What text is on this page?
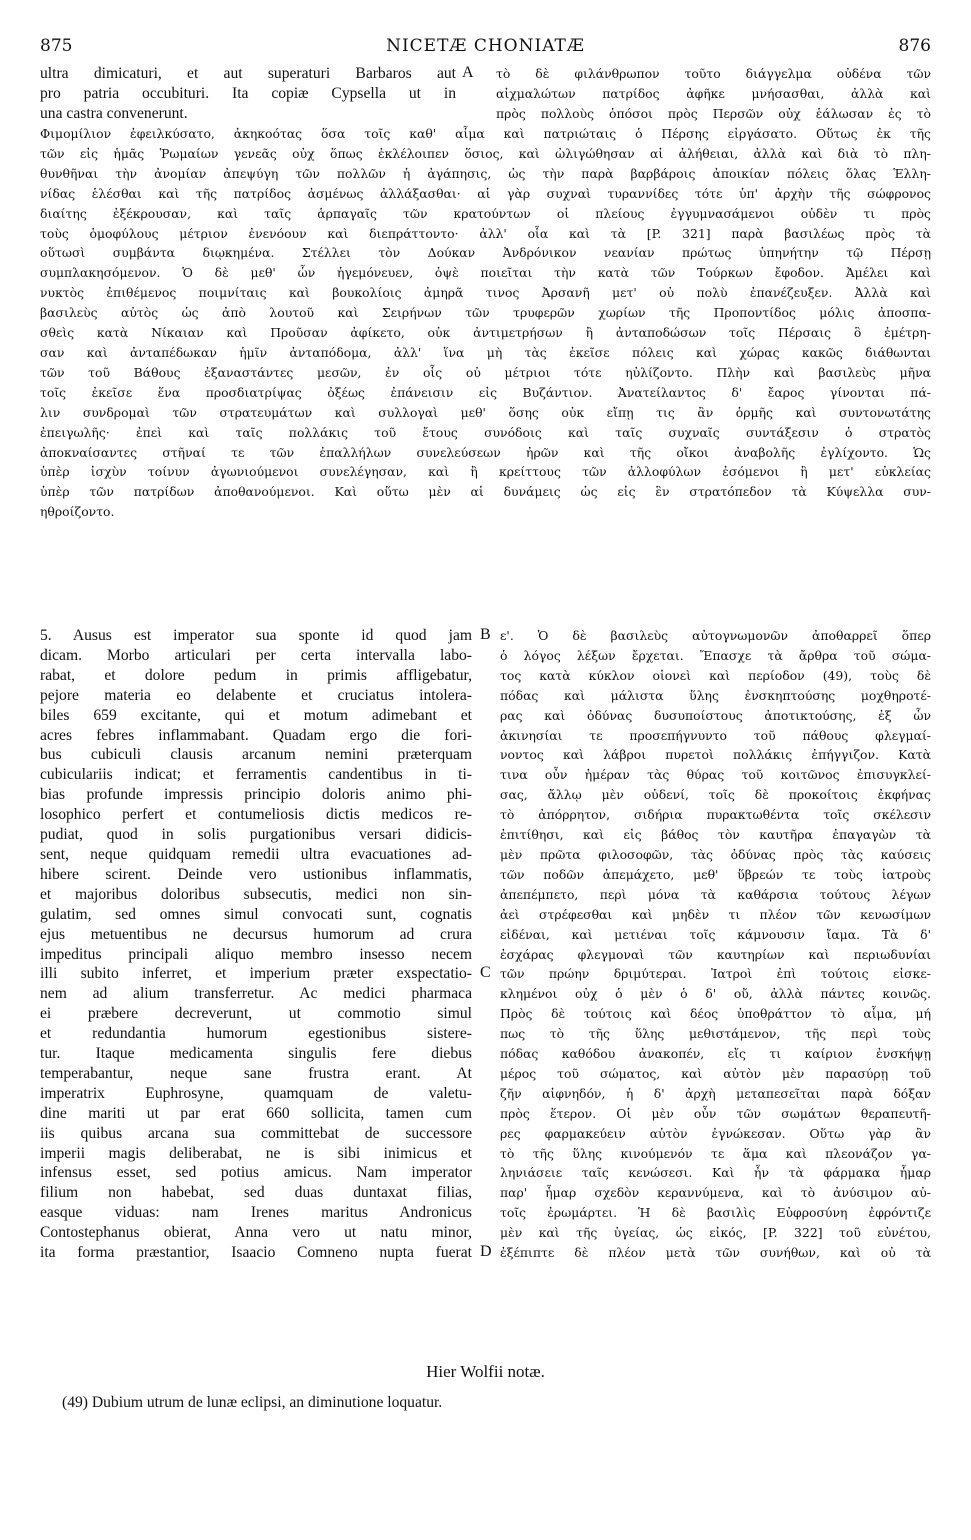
875	NICETÆ CHONIATÆ	876
ultra dimicaturi, et aut superaturi Barbaros aut
pro patria occubituri. Ita copiæ Cypsella ut in
una castra convenerunt.
τὸ δὲ φιλάνθρωπον τοῦτο διάγγελμα οὐδένα τῶν
αἰχμαλώτων πατρίδος ἀφῆκε μνήσασθαι, ἀλλὰ καὶ
πρὸς πολλοὺς ὁπόσοι πρὸς Περσῶν οὐχ ἑάλωσαν ἐς τὸ
Φιμομίλιον ἐφειλκύσατο, ἀκηκοότας ὅσα τοῖς καθ' αἷμα καὶ πατριώταις ὁ Πέρσης εἰργάσατο. Οὕτως ἐκ τῆς
τῶν εἰς ἡμᾶς Ῥωμαίων γενεᾶς οὐχ ὅπως ἐκλέλοιπεν ὅσιος, καὶ ὠλιγώθησαν αἱ ἀλήθειαι, ἀλλὰ καὶ διὰ τὸ πλη-
θυνθῆναι τὴν ἀνομίαν ἀπεψύγη τῶν πολλῶν ἡ ἀγάπησις, ὡς τὴν παρὰ βαρβάροις ἀποικίαν πόλεις ὅλας Ἑλλη-
νίδας ἑλέσθαι καὶ τῆς πατρίδος ἀσμένως ἀλλάξασθαι· αἱ γὰρ συχναὶ τυραννίδες τότε ὑπ' ἀρχὴν τῆς σώφρονος
διαίτης ἐξέκρουσαν, καὶ ταῖς ἁρπαγαῖς τῶν κρατούντων οἱ πλείους ἐγγυμνασάμενοι οὐδὲν τι πρὸς
τοὺς ὁμοφύλους μέτριον ἐνενόουν καὶ διεπράττοντο· ἀλλ' οἷα καὶ τὰ [P. 321] παρὰ βασιλέως πρὸς τὰ
οὕτωσὶ συμβάντα διῳκημένα. Στέλλει τὸν Δούκαν Ἀνδρόνικον νεανίαν πρώτως ὑπηνήτην τῷ Πέρσῃ
συμπλακησόμενον. Ὁ δὲ μεθ' ὧν ἡγεμόνευεν, ὀψὲ ποιεῖται τὴν κατὰ τῶν Τούρκων ἔφοδον. Ἀμέλει καὶ
νυκτὸς ἐπιθέμενος ποιμνίταις καὶ βουκολίοις ἀμηρᾶ τινος Ἀρσανῆ μετ' οὐ πολὺ ἐπανέζευξεν. Ἀλλὰ καὶ
βασιλεὺς αὐτὸς ὡς ἀπὸ λουτοῦ καὶ Σειρήνων τῶν τρυφερῶν χωρίων τῆς Προποντίδος μόλις ἀποσπα-
σθεὶς κατὰ Νίκαιαν καὶ Προῦσαν ἀφίκετο, οὐκ ἀντιμετρήσων ἢ ἀνταποδώσων τοῖς Πέρσαις ὃ ἐμέτρη-
σαν καὶ ἀνταπέδωκαν ἡμῖν ἀνταπόδομα, ἀλλ' ἵνα μὴ τὰς ἐκεῖσε πόλεις καὶ χώρας κακῶς διάθωνται
τῶν τοῦ Βάθους ἐξαναστάντες μεσῶν, ἐν οἷς οὐ μέτριοι τότε ηὐλίζοντο. Πλὴν καὶ βασιλεὺς μῆνα
τοῖς ἐκεῖσε ἕνα προσδιατρίψας ὀξέως ἐπάνεισιν εἰς Βυζάντιον. Ἀνατείλαντος δ' ἔαρος γίνονται πά-
λιν συνδρομαὶ τῶν στρατευμάτων καὶ συλλογαὶ μεθ' ὅσης οὐκ εἴπῃ τις ἂν ὁρμῆς καὶ συντονωτάτης
ἐπειγωλῆς· ἐπεὶ καὶ ταῖς πολλάκις τοῦ ἔτους συνόδοις καὶ ταῖς συχναῖς συντάξεσιν ὁ στρατὸς
ἀποκναίσαντες στῆναί τε τῶν ἐπαλλήλων συνελεύσεων ἠρῶν καὶ τῆς οἴκοι ἀναβολῆς ἐγλίχοντο. Ὡς
ὑπὲρ ἰσχὺν τοίνυν ἀγωνιούμενοι συνελέγησαν, καὶ ἢ κρείττους τῶν ἀλλοφύλων ἐσόμενοι ἢ μετ' εὐκλείας
ὑπὲρ τῶν πατρίδων ἀποθανούμενοι. Καὶ οὕτω μὲν αἱ δυνάμεις ὡς εἰς ἓν στρατόπεδον τὰ Κύψελλα συν-
ηθροίζοντο.
5. Ausus est imperator sua sponte id quod jam
dicam. Morbo articulari per certa intervalla labo-
rabat, et dolore pedum in primis affligebatur,
pejore materia eo delabente et cruciatus intolera-
biles 659 excitante, qui et motum adimebant et
acres febres inflammabant. Quadam ergo die fori-
bus cubiculi clausis arcanum nemini præterquam
cubiculariis indicat; et ferramentis candentibus in ti-
bias profunde impressis principio doloris animo phi-
losophico perfert et contumeliosis dictis medicos re-
pudiat, quod in solis purgationibus versari didicis-
sent, neque quidquam remedii ultra evacuationes ad-
hibere scirent. Deinde vero ustionibus inflammatis,
et majoribus doloribus subsecutis, medici non sin-
gulatim, sed omnes simul convocati sunt, cognatis
ejus metuentibus ne decursus humorum ad crura
impeditus principali aliquo membro insesso necem
illi subito inferret, et imperium præter exspectatio-
nem ad alium transferretur. Ac medici pharmaca
ei præbere decreverunt, ut commotio simul
et redundantia humorum egestionibus sistere-
tur. Itaque medicamenta singulis fere diebus
temperabantur, neque sane frustra erant. At
imperatrix Euphrosyne, quamquam de valetu-
dine mariti ut par erat 660 sollicita, tamen cum
iis quibus arcana sua committebat de successore
imperii magis deliberabat, ne is sibi inimicus et
infensus esset, sed potius amicus. Nam imperator
filium non habebat, sed duas duntaxat filias,
easque viduas: nam Irenes maritus Andronicus
Contostephanus obierat, Anna vero ut natu minor,
ita forma præstantior, Isaacio Comneno nupta fuerat
ε'. Ὁ δὲ βασιλεὺς αὐτογνωμονῶν ἀποθαρρεῖ ὅπερ
ὁ λόγος λέξων ἔρχεται. Ἔπασχε τὰ ἄρθρα τοῦ σώμα-
τος κατὰ κύκλον οἱονεὶ καὶ περίοδον (49), τοὺς δὲ
πόδας καὶ μάλιστα ὕλης ἐνσκηπτούσης μοχθηροτέ-
ρας καὶ ὀδύνας δυσυποίστους ἀποτικτούσης, ἐξ ὧν
ἀκινησίαι τε προσεπήγνυντο τοῦ πάθους φλεγμαί-
νοντος καὶ λάβροι πυρετοὶ πολλάκις ἐπήγγιζον. Κατὰ
τινα οὖν ἡμέραν τὰς θύρας τοῦ κοιτῶνος ἐπισυγκλεί-
σας, ἄλλῳ μὲν οὐδενί, τοῖς δὲ προκοίτοις ἐκφήνας
τὸ ἀπόρρητον, σιδήρια πυρακτωθέντα τοῖς σκέλεσιν
ἐπιτίθησι, καὶ εἰς βάθος τὸν καυτῆρα ἐπαγαγὼν τὰ
μὲν πρῶτα φιλοσοφῶν, τὰς ὀδύνας πρὸς τὰς καύσεις
τῶν ποδῶν ἀπεμάχετο, μεθ' ὕβρεών τε τοὺς ἰατροὺς
ἀπεπέμπετο, περὶ μόνα τὰ καθάρσια τούτους λέγων
ἀεὶ στρέφεσθαι καὶ μηδὲν τι πλέον τῶν κενωσίμων
εἰδέναι, καὶ μετιέναι τοῖς κάμνουσιν ἴαμα. Τὰ δ'
ἐσχάρας φλεγμοναὶ τῶν καυτηρίων καὶ περιωδυνίαι
τῶν πρώην δριμύτεραι. Ἰατροὶ ἐπὶ τούτοις εἰσκε-
κλημένοι οὐχ ὁ μὲν ὁ δ' οὔ, ἀλλὰ πάντες κοινῶς.
Πρὸς δὲ τούτοις καὶ δέος ὑποθράττον τὸ αἷμα, μή
πως τὸ τῆς ὕλης μεθιστάμενον, τῆς περὶ τοὺς
πόδας καθόδου ἀνακοπέν, εἴς τι καίριον ἐνσκήψῃ
μέρος τοῦ σώματος, καὶ αὐτὸν μὲν παρασύρῃ τοῦ
ζῆν αἰφνηδόν, ἡ δ' ἀρχὴ μεταπεσεῖται παρὰ δόξαν
πρὸς ἕτερον. Οἱ μὲν οὖν τῶν σωμάτων θεραπευτῆ-
ρες φαρμακεύειν αὐτὸν ἐγνώκεσαν. Οὕτω γὰρ ἂν
τὸ τῆς ὕλης κινούμενόν τε ἅμα καὶ πλεονάζον γα-
ληνιάσειε ταῖς κενώσεσι. Καὶ ἦν τὰ φάρμακα ἧμαρ
παρ' ἧμαρ σχεδὸν κεραννύμενα, καὶ τὸ ἀνύσιμον αὐ-
τοῖς ἐρωμάρτει. Ἡ δὲ βασιλὶς Εὐφροσύνη ἐφρόντιζε
μὲν καὶ τῆς ὑγείας, ὡς εἰκός, [P. 322] τοῦ εὐνέτου,
ἐξέπιπτε δὲ πλέον μετὰ τῶν συνήθων, καὶ οὐ τὰ
A
B
C
D
Hier Wolfii notæ.
(49) Dubium utrum de lunæ eclipsi, an diminutione loquatur.
